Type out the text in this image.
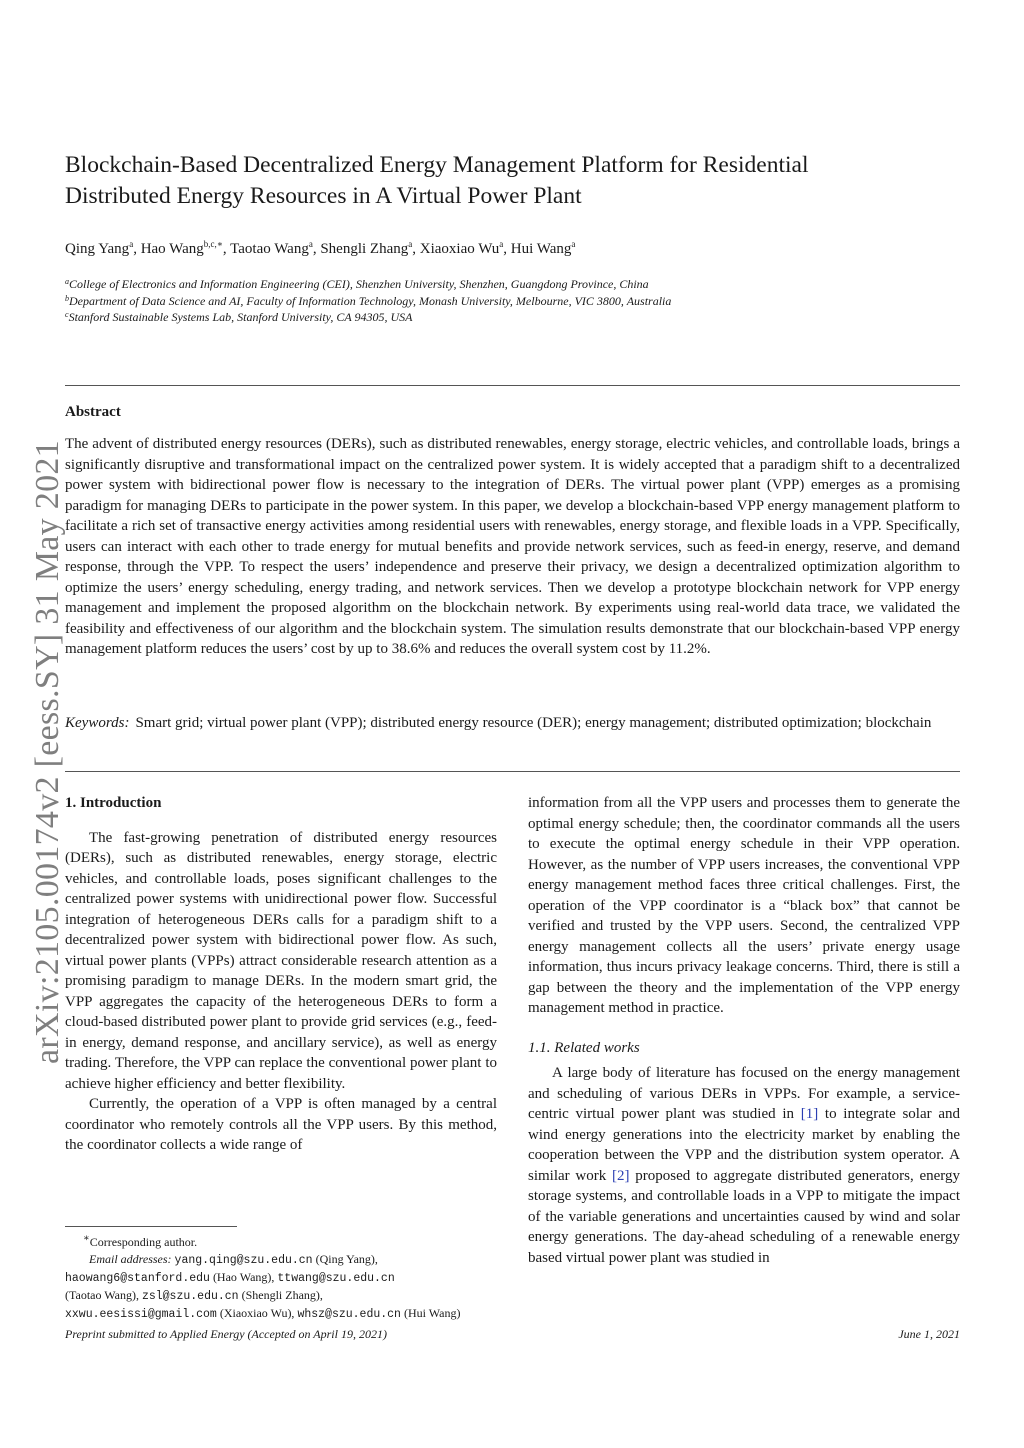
arXiv:2105.00174v2 [eess.SY] 31 May 2021
Blockchain-Based Decentralized Energy Management Platform for Residential
Distributed Energy Resources in A Virtual Power Plant
Qing Yang$^a$, Hao Wang$^{b,c,∗}$, Taotao Wang$^a$, Shengli Zhang$^a$, Xiaoxiao Wu$^a$, Hui Wang$^a$
$^a$College of Electronics and Information Engineering (CEI), Shenzhen University, Shenzhen, Guangdong Province, China
$^b$Department of Data Science and AI, Faculty of Information Technology, Monash University, Melbourne, VIC 3800, Australia
$^c$Stanford Sustainable Systems Lab, Stanford University, CA 94305, USA
Abstract

The advent of distributed energy resources (DERs), such as distributed renewables, energy storage, electric vehicles, and controllable loads, brings a significantly disruptive and transformational impact on the centralized power system. It is widely accepted that a paradigm shift to a decentralized power system with bidirectional power flow is necessary to the integration of DERs. The virtual power plant (VPP) emerges as a promising paradigm for managing DERs to participate in the power system. In this paper, we develop a blockchain-based VPP energy management platform to facilitate a rich set of transactive energy activities among residential users with renewables, energy storage, and flexible loads in a VPP. Specifically, users can interact with each other to trade energy for mutual benefits and provide network services, such as feed-in energy, reserve, and demand response, through the VPP. To respect the users’ independence and preserve their privacy, we design a decentralized optimization algorithm to optimize the users’ energy scheduling, energy trading, and network services. Then we develop a prototype blockchain network for VPP energy management and implement the proposed algorithm on the blockchain network. By experiments using real-world data trace, we validated the feasibility and effectiveness of our algorithm and the blockchain system. The simulation results demonstrate that our blockchain-based VPP energy management platform reduces the users’ cost by up to 38.6% and reduces the overall system cost by 11.2%.

Keywords: Smart grid; virtual power plant (VPP); distributed energy resource (DER); energy management; distributed optimization; blockchain

1. Introduction

The fast-growing penetration of distributed energy resources (DERs), such as distributed renewables, energy storage, electric vehicles, and controllable loads, poses significant challenges to the centralized power systems with unidirectional power flow. Successful integration of heterogeneous DERs calls for a paradigm shift to a decentralized power system with bidirectional power flow. As such, virtual power plants (VPPs) attract considerable research attention as a promising paradigm to manage DERs. In the modern smart grid, the VPP aggregates the capacity of the heterogeneous DERs to form a cloud-based distributed power plant to provide grid services (e.g., feed-in energy, demand response, and ancillary service), as well as energy trading. Therefore, the VPP can replace the conventional power plant to achieve higher efficiency and better flexibility.

Currently, the operation of a VPP is often managed by a central coordinator who remotely controls all the VPP users. By this method, the coordinator collects a wide range of

information from all the VPP users and processes them to generate the optimal energy schedule; then, the coordinator commands all the users to execute the optimal energy schedule in their VPP operation. However, as the number of VPP users increases, the conventional VPP energy management method faces three critical challenges. First, the operation of the VPP coordinator is a “black box” that cannot be verified and trusted by the VPP users. Second, the centralized VPP energy management collects all the users’ private energy usage information, thus incurs privacy leakage concerns. Third, there is still a gap between the theory and the implementation of the VPP energy management method in practice.

1.1. Related works

A large body of literature has focused on the energy management and scheduling of various DERs in VPPs. For example, a service-centric virtual power plant was studied in [1] to integrate solar and wind energy generations into the electricity market by enabling the cooperation between the VPP and the distribution system operator. A similar work [2] proposed to aggregate distributed generators, energy storage systems, and controllable loads in a VPP to mitigate the impact of the variable generations and uncertainties caused by wind and solar energy generations. The day-ahead scheduling of a renewable energy based virtual power plant was studied in

∗Corresponding author.
Email addresses: yang.qing@szu.edu.cn (Qing Yang),
haowang6@stanford.edu (Hao Wang), ttwang@szu.edu.cn
(Taotao Wang), zsl@szu.edu.cn (Shengli Zhang),
xxwu.eesissi@gmail.com (Xiaoxiao Wu), whsz@szu.edu.cn (Hui Wang)
Preprint submitted to Applied Energy (Accepted on April 19, 2021)	June 1, 2021
